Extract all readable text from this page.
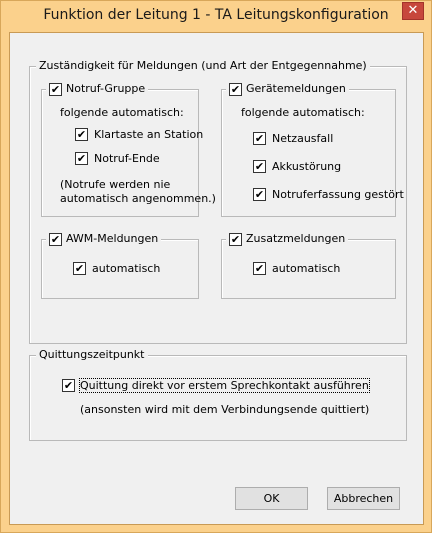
Funktion der Leitung 1 - TA Leitungskonfiguration	✕
Zuständigkeit für Meldungen (und Art der Entgegennahme)
✔ Notruf-Gruppe
folgende automatisch:
✔ Klartaste an Station
✔ Notruf-Ende
(Notrufe werden nie
automatisch angenommen.)
✔ Gerätemeldungen
folgende automatisch:
✔ Netzausfall
✔ Akkustörung
✔ Notruferfassung gestört
✔ AWM-Meldungen
✔ automatisch
✔ Zusatzmeldungen
✔ automatisch
Quittungszeitpunkt
✔ Quittung direkt vor erstem Sprechkontakt ausführen
(ansonsten wird mit dem Verbindungsende quittiert)
OK	Abbrechen
